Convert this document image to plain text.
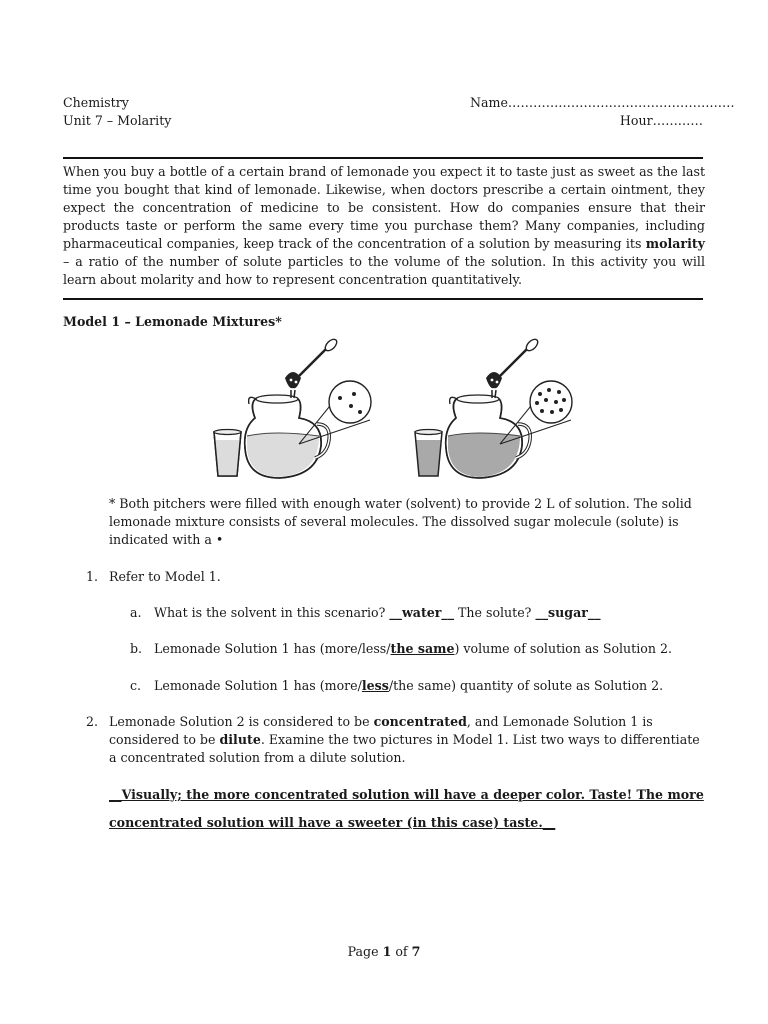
Chemistry
Unit 7 – Molarity
Name………………………………………………
Hour…………
When you buy a bottle of a certain brand of lemonade you expect it to taste just as sweet as the last time you bought that kind of lemonade. Likewise, when doctors prescribe a certain ointment, they expect the concentration of medicine to be consistent. How do companies ensure that their products taste or perform the same every time you purchase them? Many companies, including pharmaceutical companies, keep track of the concentration of a solution by measuring its molarity – a ratio of the number of solute particles to the volume of the solution. In this activity you will learn about molarity and how to represent concentration quantitatively.
Model 1 – Lemonade Mixtures*
* Both pitchers were filled with enough water (solvent) to provide 2 L of solution. The solid
lemonade mixture consists of several molecules. The dissolved sugar molecule (solute) is
indicated with a •
1. Refer to Model 1.
a. What is the solvent in this scenario? __water__ The solute? __sugar__
b. Lemonade Solution 1 has (more/less/the same) volume of solution as Solution 2.
c. Lemonade Solution 1 has (more/less/the same) quantity of solute as Solution 2.
2. Lemonade Solution 2 is considered to be concentrated, and Lemonade Solution 1 is
considered to be dilute. Examine the two pictures in Model 1. List two ways to differentiate
a concentrated solution from a dilute solution.
__Visually; the more concentrated solution will have a deeper color. Taste! The more
concentrated solution will have a sweeter (in this case) taste.__
Page 1 of 7
